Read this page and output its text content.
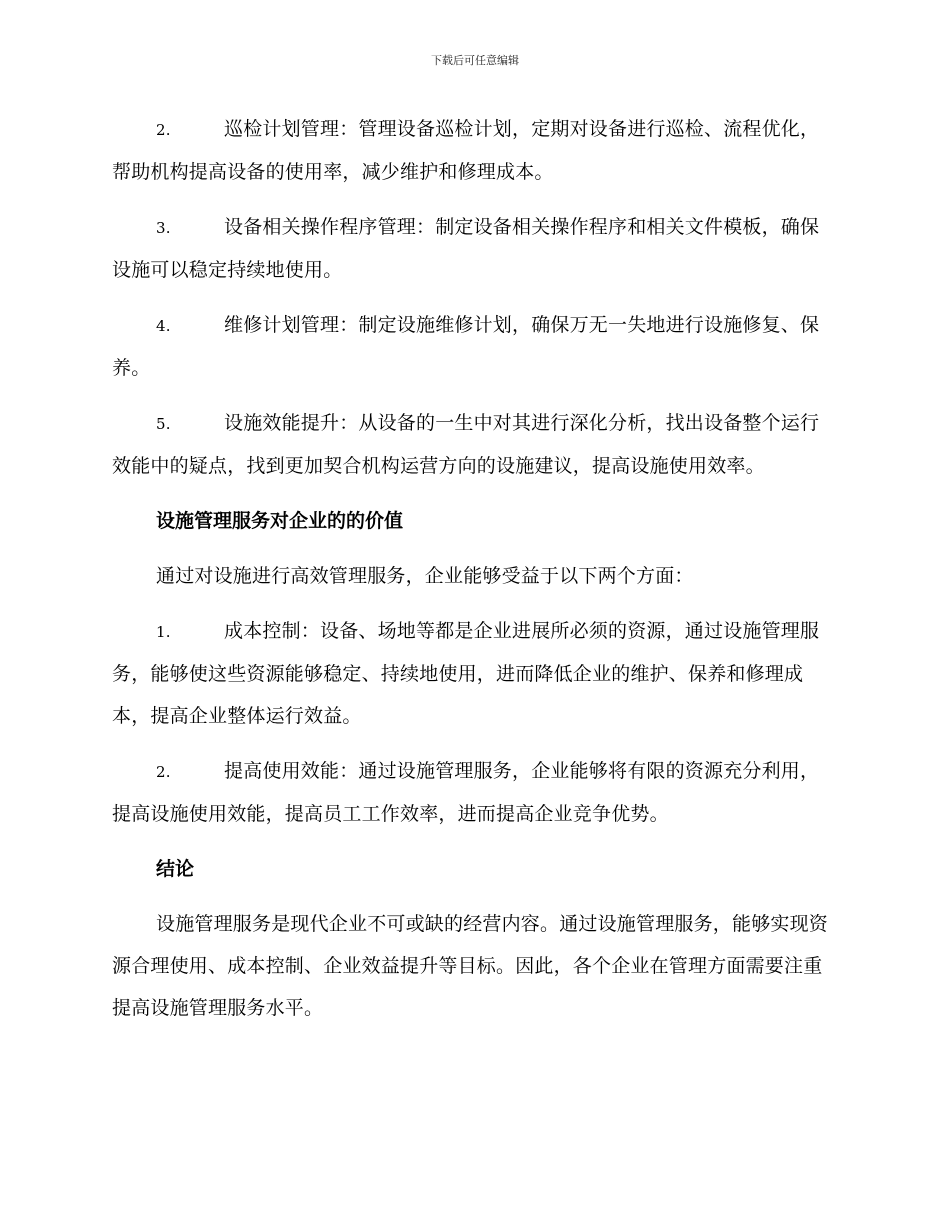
下载后可任意编辑

2.	巡检计划管理：管理设备巡检计划，定期对设备进行巡检、流程优化，帮助机构提高设备的使用率，减少维护和修理成本。

3.	设备相关操作程序管理：制定设备相关操作程序和相关文件模板，确保设施可以稳定持续地使用。

4.	维修计划管理：制定设施维修计划，确保万无一失地进行设施修复、保养。

5.	设施效能提升：从设备的一生中对其进行深化分析，找出设备整个运行效能中的疑点，找到更加契合机构运营方向的设施建议，提高设施使用效率。

设施管理服务对企业的的价值

通过对设施进行高效管理服务，企业能够受益于以下两个方面：

1.	成本控制：设备、场地等都是企业进展所必须的资源，通过设施管理服务，能够使这些资源能够稳定、持续地使用，进而降低企业的维护、保养和修理成本，提高企业整体运行效益。

2.	提高使用效能：通过设施管理服务，企业能够将有限的资源充分利用，提高设施使用效能，提高员工工作效率，进而提高企业竞争优势。

结论

设施管理服务是现代企业不可或缺的经营内容。通过设施管理服务，能够实现资源合理使用、成本控制、企业效益提升等目标。因此，各个企业在管理方面需要注重提高设施管理服务水平。
